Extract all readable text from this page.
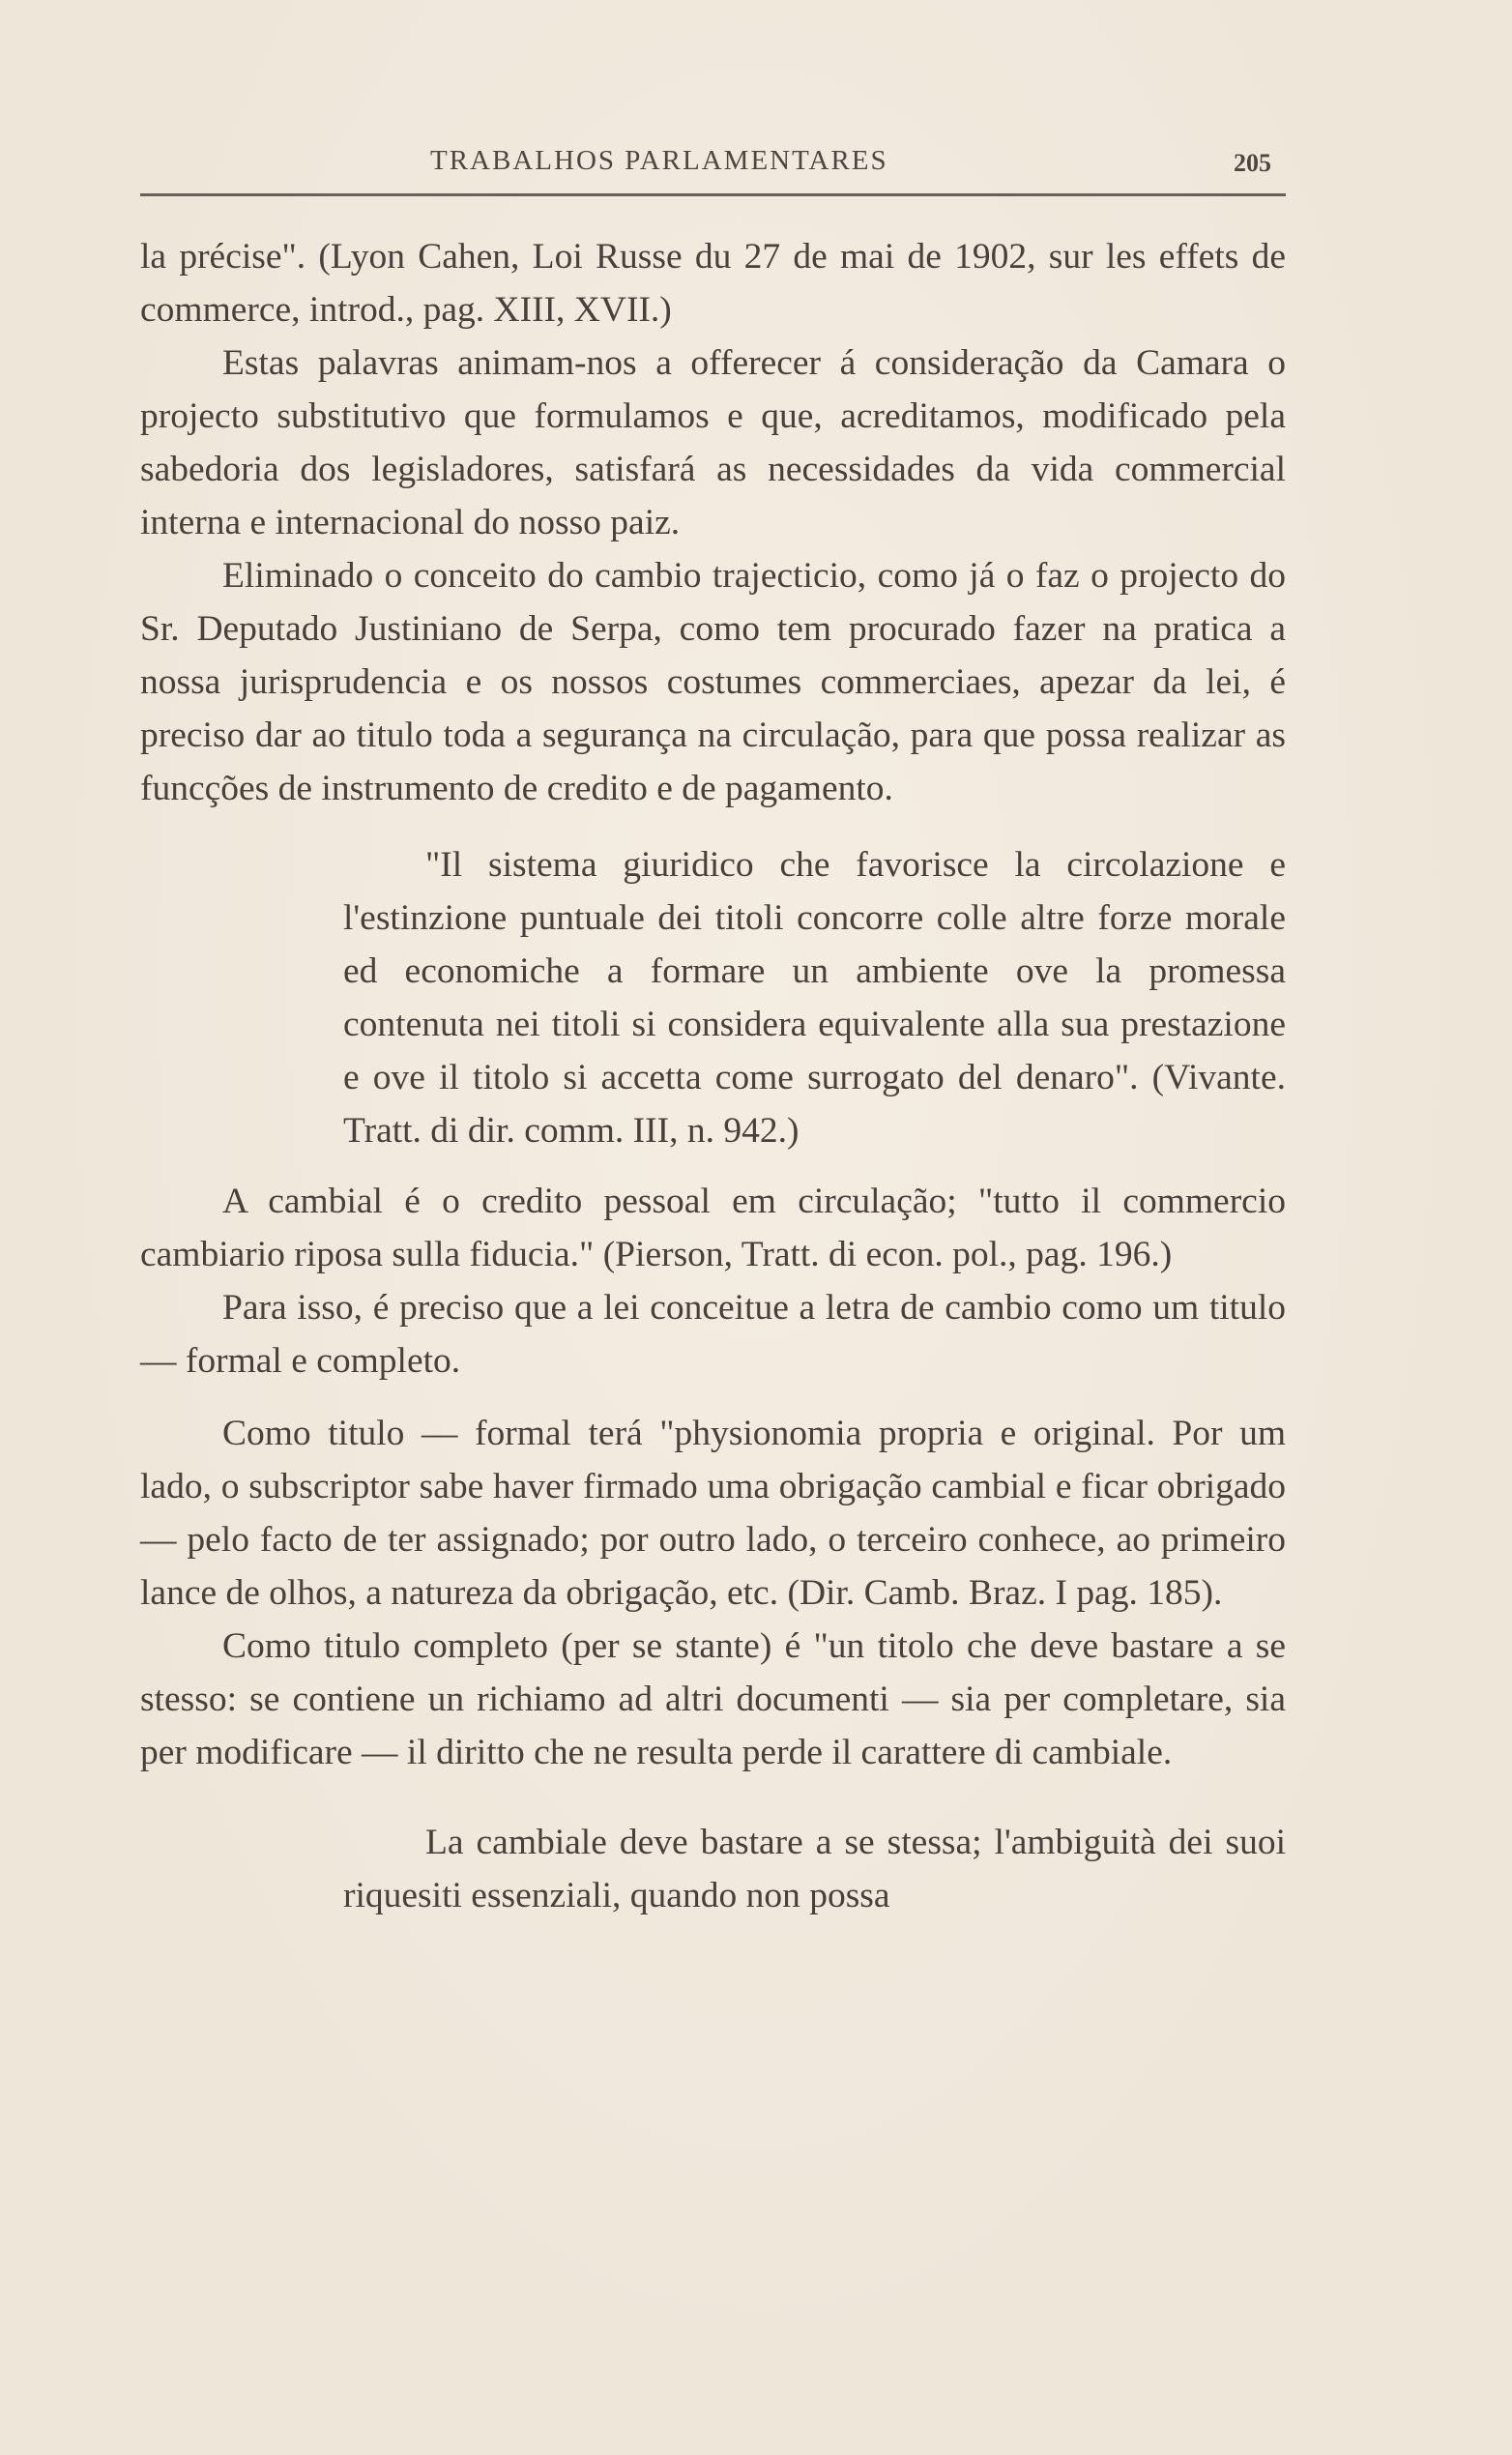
TRABALHOS PARLAMENTARES	205

la précise". (Lyon Cahen, Loi Russe du 27 de mai de 1902, sur les effets de commerce, introd., pag. XIII, XVII.)

Estas palavras animam-nos a offerecer á consideração da Camara o projecto substitutivo que formulamos e que, acreditamos, modificado pela sabedoria dos legisladores, satisfará as necessidades da vida commercial interna e internacional do nosso paiz.

Eliminado o conceito do cambio trajecticio, como já o faz o projecto do Sr. Deputado Justiniano de Serpa, como tem procurado fazer na pratica a nossa jurisprudencia e os nossos costumes commerciaes, apezar da lei, é preciso dar ao titulo toda a segurança na circulação, para que possa realizar as funcções de instrumento de credito e de pagamento.

"Il sistema giuridico che favorisce la circolazione e l'estinzione puntuale dei titoli concorre colle altre forze morale ed economiche a formare un ambiente ove la promessa contenuta nei titoli si considera equivalente alla sua prestazione e ove il titolo si accetta come surrogato del denaro". (Vivante. Tratt. di dir. comm. III, n. 942.)

A cambial é o credito pessoal em circulação; "tutto il commercio cambiario riposa sulla fiducia." (Pierson, Tratt. di econ. pol., pag. 196.)

Para isso, é preciso que a lei conceitue a letra de cambio como um titulo — formal e completo.

Como titulo — formal terá "physionomia propria e original. Por um lado, o subscriptor sabe haver firmado uma obrigação cambial e ficar obrigado — pelo facto de ter assignado; por outro lado, o terceiro conhece, ao primeiro lance de olhos, a natureza da obrigação, etc. (Dir. Camb. Braz. I pag. 185).

Como titulo completo (per se stante) é "un titolo che deve bastare a se stesso: se contiene un richiamo ad altri documenti — sia per completare, sia per modificare — il diritto che ne resulta perde il carattere di cambiale.

La cambiale deve bastare a se stessa; l'ambiguità dei suoi riquesiti essenziali, quando non possa
